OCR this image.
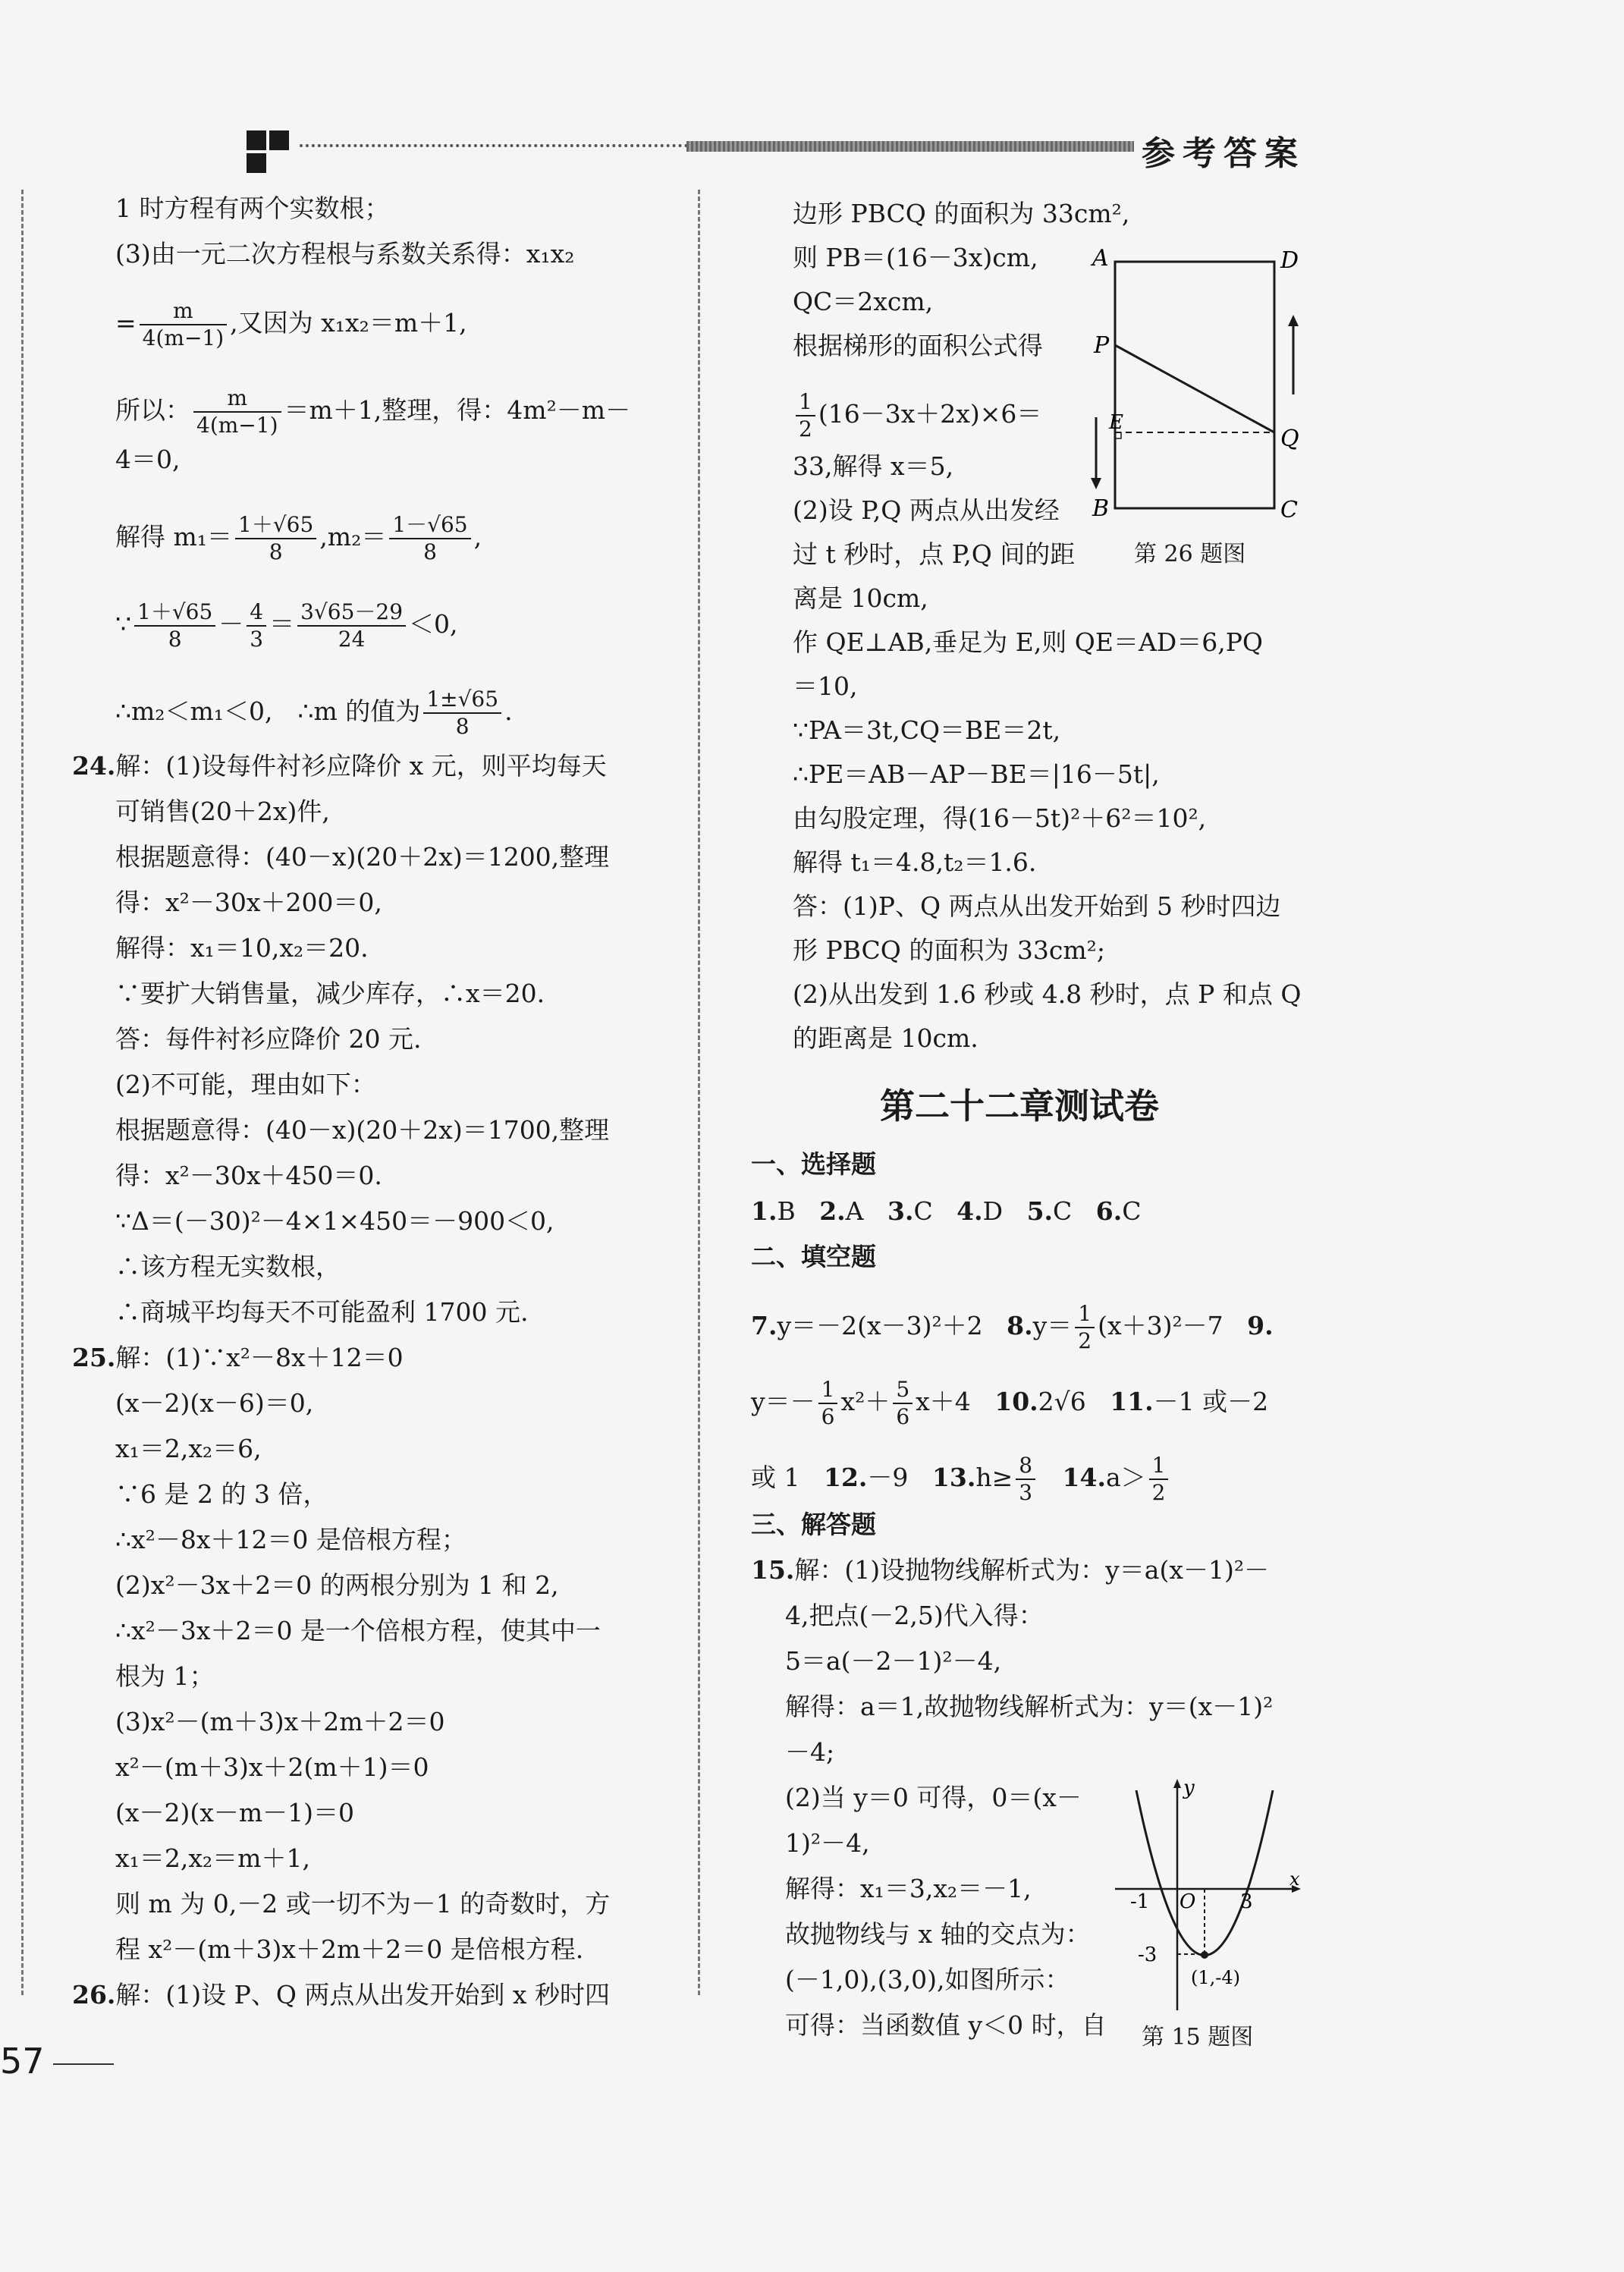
参考答案
1 时方程有两个实数根；
(3)由一元二次方程根与系数关系得：x₁x₂
= $\frac{m}{4(m-1)}$ ,又因为 x₁x₂＝m＋1,
所以： $\frac{m}{4(m-1)} =m+1$,整理，得：4m²－m－
4＝0,
解得 $m_1= \frac{1+√65}{8} ,m_2= \frac{1-√65}{8}$ ,
∵ $\frac{1+√65}{8} - \frac{4}{3} = \frac{3√65-29}{24} <0$,
∴m₂＜m₁＜0,　∴m 的值为 $\frac{1\pm√65}{8}$ .
24.解：(1)设每件衬衫应降价 x 元，则平均每天
可销售(20＋2x)件,
根据题意得：(40－x)(20＋2x)＝1200,整理
得：x²－30x＋200＝0,
解得：x₁＝10,x₂＝20.
∵要扩大销售量，减少库存，∴x＝20.
答：每件衬衫应降价 20 元.
(2)不可能，理由如下：
根据题意得：(40－x)(20＋2x)＝1700,整理
得：x²－30x＋450＝0.
∵Δ＝(－30)²－4×1×450＝－900＜0,
∴该方程无实数根，
∴商城平均每天不可能盈利 1700 元.
25.解：(1)∵x²－8x＋12＝0
(x－2)(x－6)＝0,
x₁＝2,x₂＝6,
∵6 是 2 的 3 倍，
∴x²－8x＋12＝0 是倍根方程；
(2)x²－3x＋2＝0 的两根分别为 1 和 2,
∴x²－3x＋2＝0 是一个倍根方程，使其中一
根为 1；
(3)x²－(m＋3)x＋2m＋2＝0
x²－(m＋3)x＋2(m＋1)＝0
(x－2)(x－m－1)＝0
x₁＝2,x₂＝m＋1,
则 m 为 0,－2 或一切不为－1 的奇数时，方
程 x²－(m＋3)x＋2m＋2＝0 是倍根方程.
26.解：(1)设 P、Q 两点从出发开始到 x 秒时四
边形 PBCQ 的面积为 33cm²,
则 PB＝(16－3x)cm,
QC＝2xcm,
根据梯形的面积公式得
$\frac{1}{2} (16-3x+2x)\times 6=$
33,解得 x＝5,
(2)设 P,Q 两点从出发经
过 t 秒时，点 P,Q 间的距
离是 10cm,
作 QE⊥AB,垂足为 E,则 QE＝AD＝6,PQ
＝10,
∵PA＝3t,CQ＝BE＝2t,
∴PE＝AB－AP－BE＝|16－5t|,
由勾股定理，得(16－5t)²＋6²＝10²,
解得 t₁＝4.8,t₂＝1.6.
答：(1)P、Q 两点从出发开始到 5 秒时四边
形 PBCQ 的面积为 33cm²;
(2)从出发到 1.6 秒或 4.8 秒时，点 P 和点 Q
的距离是 10cm.
A	D
P
E
Q
B	C
第 26 题图
第二十二章测试卷
一、选择题
1.B 2.A 3.C 4.D 5.C 6.C
二、填空题
7.y＝－2(x－3)²＋2 $8.y= \frac{1}{2} (x+3)^2-7$ 9.
$y=- \frac{1}{6} x^2+ \frac{5}{6} x+4$ 10.2√6 11.－1 或－2
或 1 12.－9 $13.h\ge \frac{8}{3} 14.a> \frac{1}{2}$
三、解答题
15.解：(1)设抛物线解析式为：y＝a(x－1)²－
4,把点(－2,5)代入得：
5＝a(－2－1)²－4,
解得：a＝1,故抛物线解析式为：y＝(x－1)²
－4;
(2)当 y＝0 可得，0＝(x－
1)²－4,
解得：x₁＝3,x₂＝－1,
故抛物线与 x 轴的交点为：
(－1,0),(3,0),如图所示：
可得：当函数值 y＜0 时，自
y
x
-1 O 3
-3
(1,-4)
第 15 题图
57
